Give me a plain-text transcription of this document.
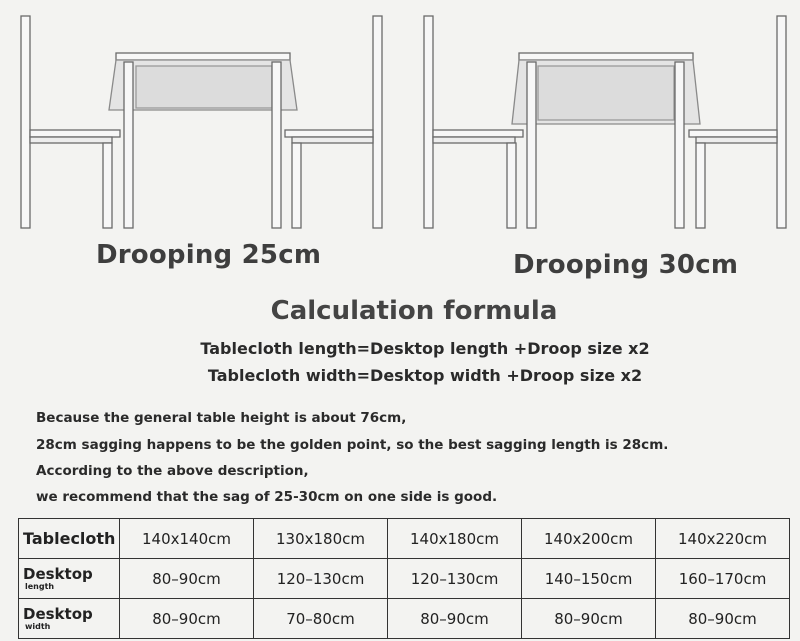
Drooping 25cm	Drooping 30cm
Calculation formula
Tablecloth length=Desktop length +Droop size x2
Tablecloth width=Desktop width +Droop size x2
Because the general table height is about 76cm,
28cm sagging happens to be the golden point, so the best sagging length is 28cm.
According to the above description,
we recommend that the sag of 25-30cm on one side is good.
Tablecloth	140x140cm	130x180cm	140x180cm	140x200cm	140x220cm

Desktop
length	80–90cm	120–130cm	120–130cm	140–150cm	160–170cm

Desktop
width	80–90cm	70–80cm	80–90cm	80–90cm	80–90cm
